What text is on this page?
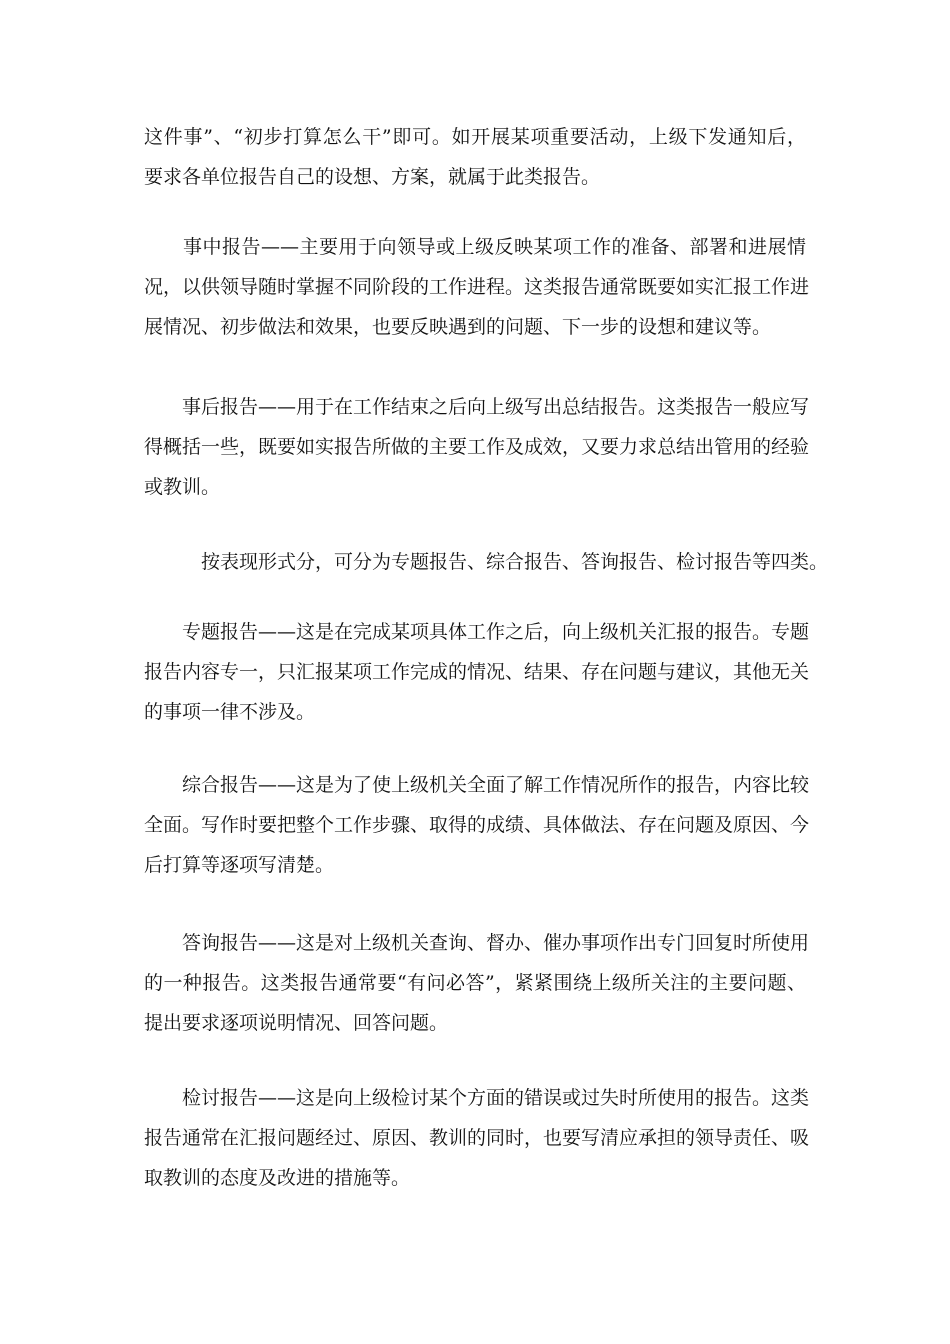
这件事”、“初步打算怎么干”即可。如开展某项重要活动，上级下发通知后，
要求各单位报告自己的设想、方案，就属于此类报告。
　　事中报告——主要用于向领导或上级反映某项工作的准备、部署和进展情
况，以供领导随时掌握不同阶段的工作进程。这类报告通常既要如实汇报工作进
展情况、初步做法和效果，也要反映遇到的问题、下一步的设想和建议等。
　　事后报告——用于在工作结束之后向上级写出总结报告。这类报告一般应写
得概括一些，既要如实报告所做的主要工作及成效，又要力求总结出管用的经验
或教训。
　　　按表现形式分，可分为专题报告、综合报告、答询报告、检讨报告等四类。
　　专题报告——这是在完成某项具体工作之后，向上级机关汇报的报告。专题
报告内容专一，只汇报某项工作完成的情况、结果、存在问题与建议，其他无关
的事项一律不涉及。
　　综合报告——这是为了使上级机关全面了解工作情况所作的报告，内容比较
全面。写作时要把整个工作步骤、取得的成绩、具体做法、存在问题及原因、今
后打算等逐项写清楚。
　　答询报告——这是对上级机关查询、督办、催办事项作出专门回复时所使用
的一种报告。这类报告通常要“有问必答”，紧紧围绕上级所关注的主要问题、
提出要求逐项说明情况、回答问题。
　　检讨报告——这是向上级检讨某个方面的错误或过失时所使用的报告。这类
报告通常在汇报问题经过、原因、教训的同时，也要写清应承担的领导责任、吸
取教训的态度及改进的措施等。
